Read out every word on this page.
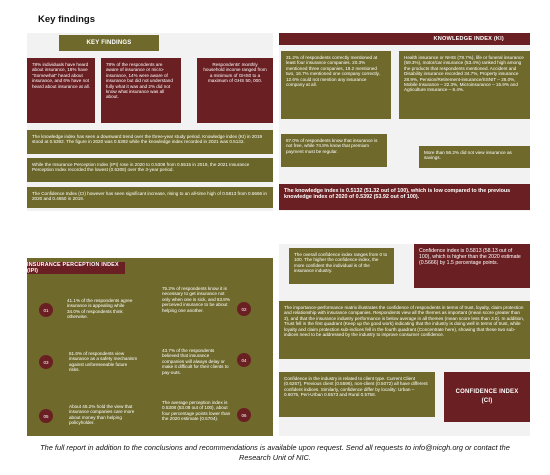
Key findings
KEY FINDINGS
78% individuals have heard about insurance, 16% have "Somewhat" heard about insurance, and 6% have not heard about insurance at all.
78% of the respondents are aware of insurance or micro-insurance, 14% were aware of insurance but did not understand fully what it was and 2% did not know what insurance was all about.
Respondents' monthly household income ranged from a minimum of GHS0 to a maximum of GHS 50, 000.
The knowledge index has seen a downward trend over the three-year study period. Knowledge index (KI) in 2019 stood at 0.5392. The figure in 2020 was 0.5392 while the knowledge index recorded in 2021 was 0.5132.
While the Insurance Perception Index (IPI) rose in 2020 to 0.5308 from 0.5515 in 2019, the 2021 Insurance Perception Index recorded the lowest (0.5308) over the 3-year period.
The Confidence Index (CI) however has seen significant increase, rising to an all-time high of 0.5813 from 0.5666 in 2020 and 0.4650 in 2019.
KNOWLEDGE INDEX (KI)
31.2% of respondents correctly mentioned at least four insurance companies. 20.3% mentioned three companies, 19.2 mentioned two, 16.7% mentioned one company correctly, 12.6% could not mention any insurance company at all.
Health insurance or NHIS (78.7%), life or funeral insurance (59.3%), motor/car insurance (53.4%) ranked high among the products that respondents mentioned. Accident and Disability insurance recorded 34.7%, Property insurance 28.9%, Pension/Retirement-insurance/SSNIT – 26.0%, Mobile Insurance – 22.3%, Microinsurance – 15.9% and Agriculture Insurance – 6.4%.
87.0% of respondents know that insurance is not free, while 74.8% know that premium payment must be regular.	More than 56.2% did not view insurance as savings.
The knowledge index is 0.5132 (51.32 out of 100), which is low compared to the previous knowledge index of 2020 of 0.5392 (53.92 out of 100).
INSURANCE PERCEPTION INDEX (IPI)
01
41.1% of the respondents agree insurance is appealing while 34.0% of respondents think otherwise.
75.2% of respondents know it is necessary to get insurance not only when one is sick, and 63.8% perceived insurance to be about helping one another.	02
03
61.6% of respondents view insurance as a safety mechanism against unforeseeable future risks.
43.7% of the respondents believed that insurance companies will always delay or make it difficult for their clients to pay-outs.
04
05
About 46.2% hold the view that insurance companies care more about money than helping policyholder.
The average perception index is 0.5308 (53.08 out of 100), about four percentage points lower than the 2020 estimate (0.5704).
06
The overall confidence index ranges from 0 to 100. The higher the confidence index, the more confident the individual is of the insurance industry.
Confidence index is 0.5813 (58.13 out of 100), which is higher than the 2020 estimate (0.5666) by 1.5 percentage points.
The importance-performance matrix illustrates the confidence of respondents in terms of trust, loyalty, claim protection and relationship with insurance companies. Respondents view all the themes as important (mean score greater than 3), and that the insurance industry performance is below average in all themes (mean score less than 3.0). In addition, Trust fell in the first quadrant (Keep up the good work) indicating that the industry is doing well in terms of trust, while loyalty and claim protection sub-indices fell in the fourth quadrant (Concentrate here), showing that these two sub-indices need to be addressed by the industry to improve consumer confidence.
Confidence in the industry is related to client type. Current Client (0.6267), Previous client (0.5596), non-client (0.5072) all have different confident indices. Similarly, confidence differ by locality: Urban – 0.6075, Peri-Urban 0.5573 and Rural 0.5758.	CONFIDENCE INDEX (CI)
The full report in addition to the conclusions and recommendations is available upon request. Send all requests to info@nicgh.org or contact the Research Unit of NIC.
